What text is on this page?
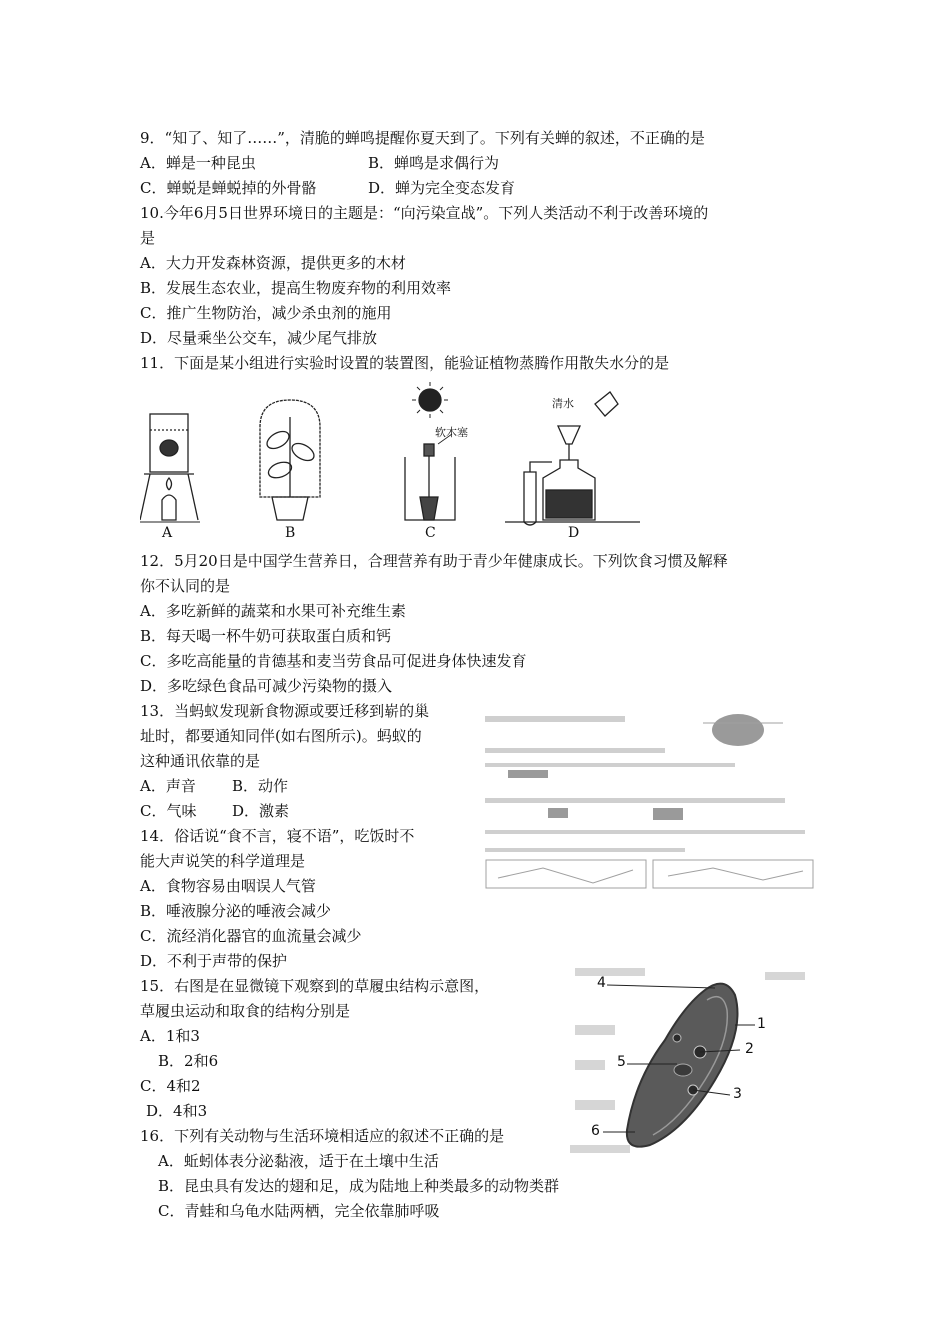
9．“知了、知了……”，清脆的蝉鸣提醒你夏天到了。下列有关蝉的叙述，不正确的是
A．蝉是一种昆虫	B．蝉鸣是求偶行为
C．蝉蜕是蝉蜕掉的外骨骼	D．蝉为完全变态发育
10.今年6月5日世界环境日的主题是：“向污染宣战”。下列人类活动不利于改善环境的
是
A．大力开发森林资源，提供更多的木材
B．发展生态农业，提高生物废弃物的利用效率
C．推广生物防治，减少杀虫剂的施用
D．尽量乘坐公交车，减少尾气排放
11．下面是某小组进行实验时设置的装置图，能验证植物蒸腾作用散失水分的是
A	B	C	D
软木塞
清水
12．5月20日是中国学生营养日，合理营养有助于青少年健康成长。下列饮食习惯及解释
你不认同的是
A．多吃新鲜的蔬菜和水果可补充维生素
B．每天喝一杯牛奶可获取蛋白质和钙
C．多吃高能量的肯德基和麦当劳食品可促进身体快速发育
D．多吃绿色食品可减少污染物的摄入
13．当蚂蚁发现新食物源或要迁移到崭的巢
址时，都要通知同伴(如右图所示)。蚂蚁的
这种通讯依靠的是
A．声音 B．动作
C．气味 D．激素
14．俗话说“食不言，寝不语”，吃饭时不
能大声说笑的科学道理是
A．食物容易由咽误人气管
B．唾液腺分泌的唾液会减少
C．流经消化器官的血流量会减少
D．不利于声带的保护
15．右图是在显微镜下观察到的草履虫结构示意图，
草履虫运动和取食的结构分别是
A．1和3
B．2和6
C．4和2
D．4和3
4
1
2
5
3
6
16．下列有关动物与生活环境相适应的叙述不正确的是
A．蚯蚓体表分泌黏液，适于在土壤中生活
B．昆虫具有发达的翅和足，成为陆地上种类最多的动物类群
C．青蛙和乌龟水陆两栖，完全依靠肺呼吸
